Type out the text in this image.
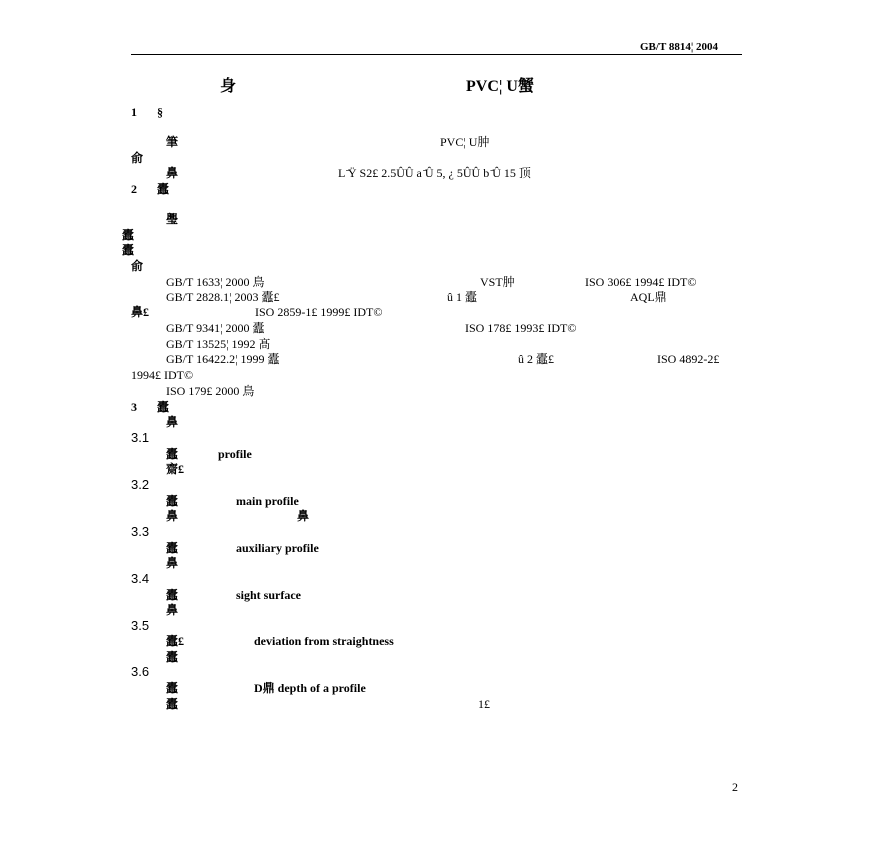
GB/T 8814¦ 2004
身	PVC¦ U蟹
1 §
筆	PVC¦ U肿
俞
鼻	L ̄Ÿ S2£ 2.5ÛÛ a ̄Û 5, ¿ 5ÛÛ b ̄Û 15 顶
2 蠹
璺
蠹
蠹
俞
GB/T 1633¦ 2000 鳥	VST肿	ISO 306£ 1994£ IDT©
GB/T 2828.1¦ 2003 蠹£	û 1 蠹	AQL鼎
鼻£	ISO 2859-1£ 1999£ IDT©
GB/T 9341¦ 2000 蠹	ISO 178£ 1993£ IDT©
GB/T 13525¦ 1992 髙
GB/T 16422.2¦ 1999 蠹	û 2 蠹£	ISO 4892-2£
1994£ IDT©
ISO 179£ 2000 鳥
3 蠹
鼻
3.1
蠹	profile
齋£
3.2
蠹	main profile
鼻	鼻
3.3
蠹	auxiliary profile
鼻
3.4
蠹	sight surface
鼻
3.5
蠹£	deviation from straightness
蠹
3.6
蠹	D鼎 depth of a profile
蠹	1£
2
